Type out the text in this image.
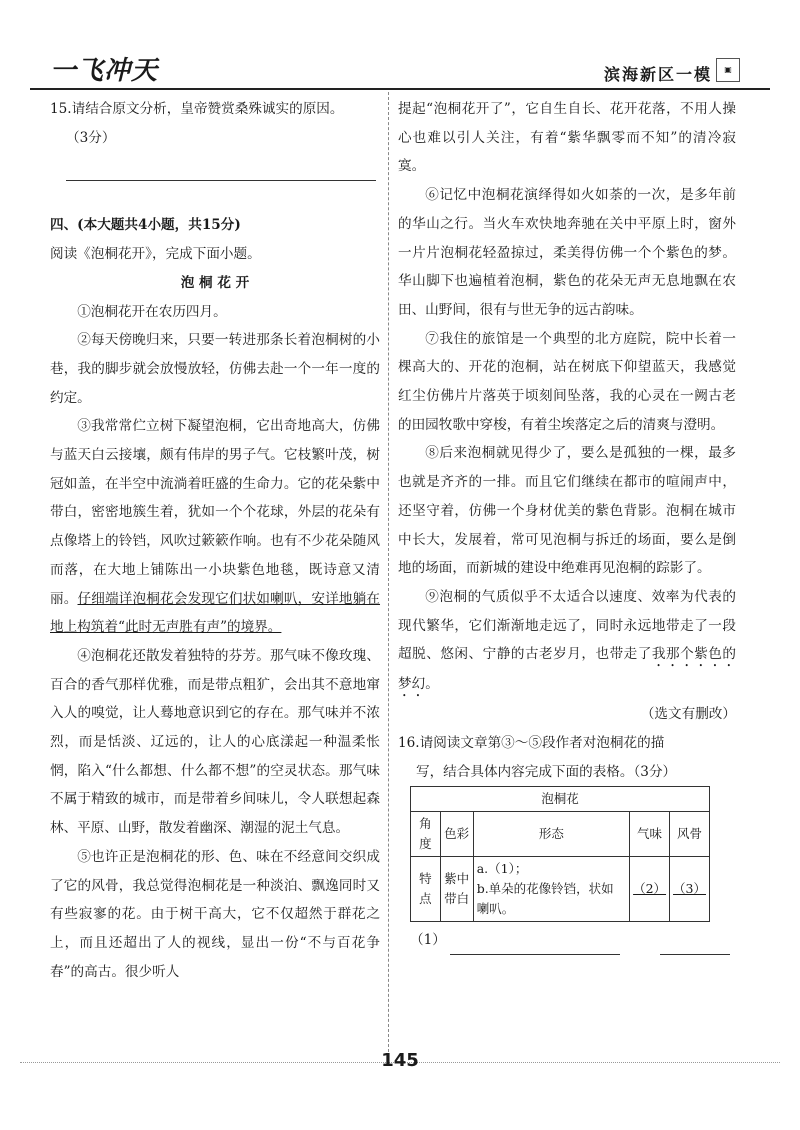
一飞冲天	滨海新区一模	▣

15.请结合原文分析，皇帝赞赏桑殊诚实的原因。

（3分）

四、(本大题共4小题，共15分)

阅读《泡桐花开》，完成下面小题。

泡 桐 花 开

①泡桐花开在农历四月。

②每天傍晚归来，只要一转进那条长着泡桐树的小巷，我的脚步就会放慢放轻，仿佛去赴一个一年一度的约定。

③我常常伫立树下凝望泡桐，它出奇地高大，仿佛与蓝天白云接壤，颇有伟岸的男子气。它枝繁叶茂，树冠如盖，在半空中流淌着旺盛的生命力。它的花朵紫中带白，密密地簇生着，犹如一个个花球，外层的花朵有点像塔上的铃铛，风吹过簌簌作响。也有不少花朵随风而落，在大地上铺陈出一小块紫色地毯，既诗意又清丽。仔细端详泡桐花会发现它们状如喇叭，安详地躺在地上构筑着“此时无声胜有声”的境界。

④泡桐花还散发着独特的芬芳。那气味不像玫瑰、百合的香气那样优雅，而是带点粗犷，会出其不意地窜入人的嗅觉，让人蓦地意识到它的存在。那气味并不浓烈，而是恬淡、辽远的，让人的心底漾起一种温柔怅惘，陷入“什么都想、什么都不想”的空灵状态。那气味不属于精致的城市，而是带着乡间味儿，令人联想起森林、平原、山野，散发着幽深、潮湿的泥土气息。

⑤也许正是泡桐花的形、色、味在不经意间交织成了它的风骨，我总觉得泡桐花是一种淡泊、飘逸同时又有些寂寥的花。由于树干高大，它不仅超然于群花之上，而且还超出了人的视线，显出一份“不与百花争春”的高古。很少听人

提起“泡桐花开了”，它自生自长、花开花落，不用人操心也难以引人关注，有着“紫华飘零而不知”的清冷寂寞。

⑥记忆中泡桐花演绎得如火如荼的一次，是多年前的华山之行。当火车欢快地奔驰在关中平原上时，窗外一片片泡桐花轻盈掠过，柔美得仿佛一个个紫色的梦。华山脚下也遍植着泡桐，紫色的花朵无声无息地飘在农田、山野间，很有与世无争的远古韵味。

⑦我住的旅馆是一个典型的北方庭院，院中长着一棵高大的、开花的泡桐，站在树底下仰望蓝天，我感觉红尘仿佛片片落英于顷刻间坠落，我的心灵在一阙古老的田园牧歌中穿梭，有着尘埃落定之后的清爽与澄明。

⑧后来泡桐就见得少了，要么是孤独的一棵，最多也就是齐齐的一排。而且它们继续在都市的喧闹声中，还坚守着，仿佛一个身材优美的紫色背影。泡桐在城市中长大，发展着，常可见泡桐与拆迁的场面，要么是倒地的场面，而新城的建设中绝难再见泡桐的踪影了。

⑨泡桐的气质似乎不太适合以速度、效率为代表的现代繁华，它们渐渐地走远了，同时永远地带走了一段超脱、悠闲、宁静的古老岁月，也带走了我那个紫色的梦幻。

（选文有删改）

16.请阅读文章第③～⑤段作者对泡桐花的描

写，结合具体内容完成下面的表格。（3分）

泡桐花				
角度	色彩	形态	气味	风骨
特点	紫中带白	a.（1）；
b.单朵的花像铃铛，状如喇叭。	（2）	（3）
（1）
145
